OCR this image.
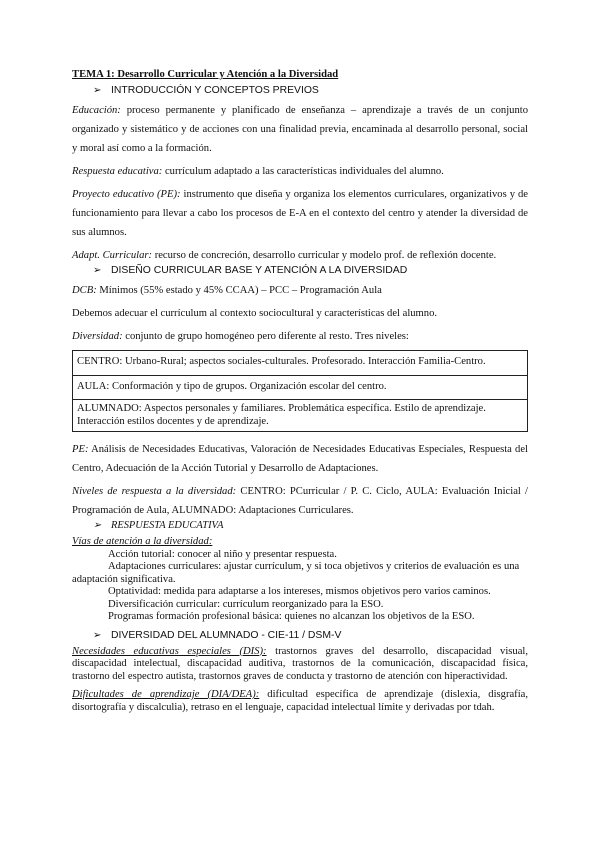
TEMA 1: Desarrollo Curricular y Atención a la Diversidad
➢ INTRODUCCIÓN Y CONCEPTOS PREVIOS

Educación: proceso permanente y planificado de enseñanza – aprendizaje a través de un conjunto organizado y sistemático y de acciones con una finalidad previa, encaminada al desarrollo personal, social y moral así como a la formación.

Respuesta educativa: currículum adaptado a las características individuales del alumno.

Proyecto educativo (PE): instrumento que diseña y organiza los elementos curriculares, organizativos y de funcionamiento para llevar a cabo los procesos de E-A en el contexto del centro y atender la diversidad de sus alumnos.

Adapt. Curricular: recurso de concreción, desarrollo curricular y modelo prof. de reflexión docente.

➢ DISEÑO CURRICULAR BASE Y ATENCIÓN A LA DIVERSIDAD

DCB: Mínimos (55% estado y 45% CCAA) – PCC – Programación Aula

Debemos adecuar el currículum al contexto sociocultural y características del alumno.

Diversidad: conjunto de grupo homogéneo pero diferente al resto. Tres niveles:

CENTRO: Urbano-Rural; aspectos sociales-culturales. Profesorado. Interacción Familia-Centro.
AULA: Conformación y tipo de grupos. Organización escolar del centro.
ALUMNADO: Aspectos personales y familiares. Problemática específica. Estilo de aprendizaje. Interacción estilos docentes y de aprendizaje.

PE: Análisis de Necesidades Educativas, Valoración de Necesidades Educativas Especiales, Respuesta del Centro, Adecuación de la Acción Tutorial y Desarrollo de Adaptaciones.

Niveles de respuesta a la diversidad: CENTRO: PCurricular / P. C. Ciclo, AULA: Evaluación Inicial / Programación de Aula, ALUMNADO: Adaptaciones Curriculares.

➢ RESPUESTA EDUCATIVA
Vías de atención a la diversidad:

Acción tutorial: conocer al niño y presentar respuesta.

Adaptaciones curriculares: ajustar currículum, y si toca objetivos y criterios de evaluación es una adaptación significativa.

Optatividad: medida para adaptarse a los intereses, mismos objetivos pero varios caminos.

Diversificación curricular: currículum reorganizado para la ESO.

Programas formación profesional básica: quienes no alcanzan los objetivos de la ESO.

➢ DIVERSIDAD DEL ALUMNADO - CIE-11 / DSM-V

Necesidades educativas especiales (DIS): trastornos graves del desarrollo, discapacidad visual, discapacidad intelectual, discapacidad auditiva, trastornos de la comunicación, discapacidad física, trastorno del espectro autista, trastornos graves de conducta y trastorno de atención con hiperactividad.

Dificultades de aprendizaje (DIA/DEA): dificultad específica de aprendizaje (dislexia, disgrafía, disortografía y discalculia), retraso en el lenguaje, capacidad intelectual límite y derivadas por tdah.
